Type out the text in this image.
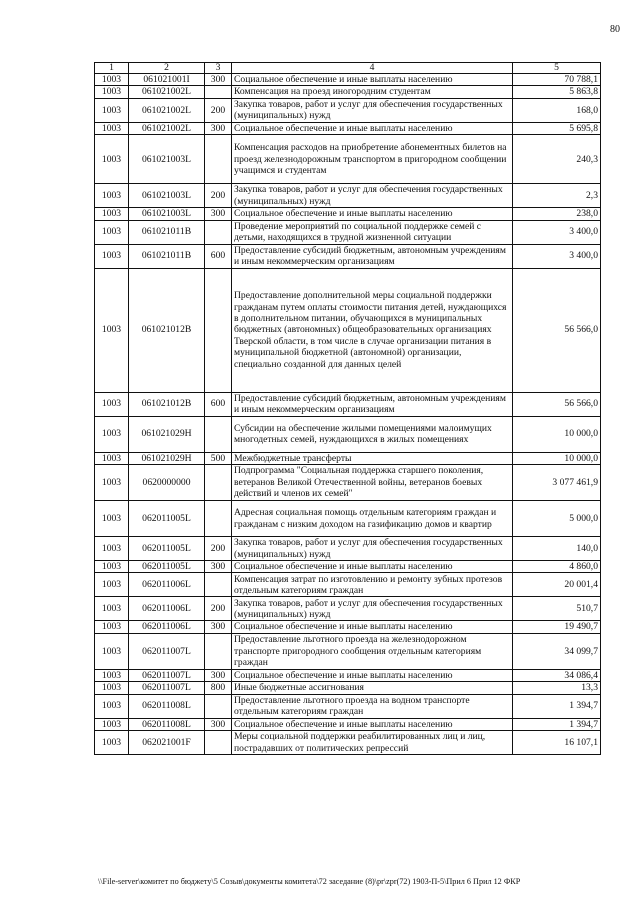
80
1	2	3	4	5
1003	061021001I	300	Социальное обеспечение и иные выплаты населению	70 788,1
1003	061021002L		Компенсация на проезд иногородним студентам	5 863,8
1003	061021002L	200	Закупка товаров, работ и услуг для обеспечения государственных (муниципальных) нужд	168,0
1003	061021002L	300	Социальное обеспечение и иные выплаты населению	5 695,8
1003	061021003L		Компенсация расходов на приобретение абонементных билетов на проезд железнодорожным транспортом в пригородном сообщении учащимся и студентам	240,3
1003	061021003L	200	Закупка товаров, работ и услуг для обеспечения государственных (муниципальных) нужд	2,3
1003	061021003L	300	Социальное обеспечение и иные выплаты населению	238,0
1003	061021011B		Проведение мероприятий по социальной поддержке семей с детьми, находящихся в трудной жизненной ситуации	3 400,0
1003	061021011B	600	Предоставление субсидий бюджетным, автономным учреждениям и иным некоммерческим организациям	3 400,0
1003	061021012B		Предоставление дополнительной меры социальной поддержки гражданам путем оплаты стоимости питания детей, нуждающихся в дополнительном питании, обучающихся в муниципальных бюджетных (автономных) общеобразовательных организациях Тверской области, в том числе в случае организации питания в муниципальной бюджетной (автономной) организации, специально созданной для данных целей	56 566,0
1003	061021012B	600	Предоставление субсидий бюджетным, автономным учреждениям и иным некоммерческим организациям	56 566,0
1003	061021029H		Субсидии на обеспечение жилыми помещениями малоимущих многодетных семей, нуждающихся в жилых помещениях	10 000,0
1003	061021029H	500	Межбюджетные трансферты	10 000,0
1003	0620000000		Подпрограмма "Социальная поддержка старшего поколения, ветеранов Великой Отечественной войны, ветеранов боевых действий и членов их семей"	3 077 461,9
1003	062011005L		Адресная социальная помощь отдельным категориям граждан и гражданам с низким доходом на газификацию домов и квартир	5 000,0
1003	062011005L	200	Закупка товаров, работ и услуг для обеспечения государственных (муниципальных) нужд	140,0
1003	062011005L	300	Социальное обеспечение и иные выплаты населению	4 860,0
1003	062011006L		Компенсация затрат по изготовлению и ремонту зубных протезов отдельным категориям граждан	20 001,4
1003	062011006L	200	Закупка товаров, работ и услуг для обеспечения государственных (муниципальных) нужд	510,7
1003	062011006L	300	Социальное обеспечение и иные выплаты населению	19 490,7
1003	062011007L		Предоставление льготного проезда на железнодорожном транспорте пригородного сообщения отдельным категориям граждан	34 099,7
1003	062011007L	300	Социальное обеспечение и иные выплаты населению	34 086,4
1003	062011007L	800	Иные бюджетные ассигнования	13,3
1003	062011008L		Предоставление льготного проезда на водном транспорте отдельным категориям граждан	1 394,7
1003	062011008L	300	Социальное обеспечение и иные выплаты населению	1 394,7
1003	062021001F		Меры социальной поддержки реабилитированных лиц и лиц, пострадавших от политических репрессий	16 107,1
\\File-server\комитет по бюджету\5 Созыв\документы комитета\72 заседание (8)\pr\zpr(72) 1903-П-5\Прил 6 Прил 12 ФКР
